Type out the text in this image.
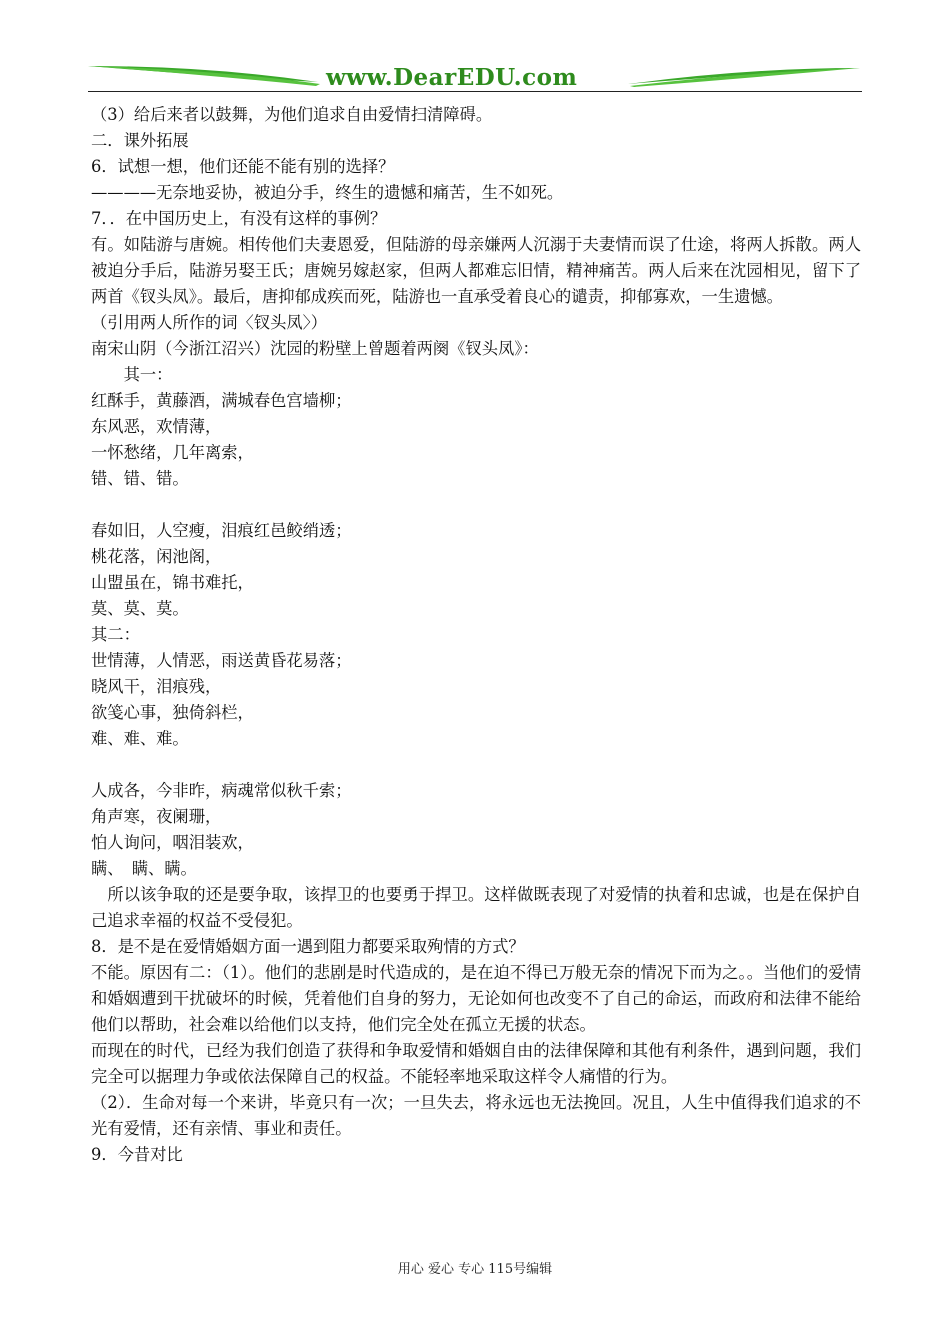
www.DearEDU.com
（3）给后来者以鼓舞，为他们追求自由爱情扫清障碍。
二．课外拓展
6．试想一想，他们还能不能有别的选择？
————无奈地妥协，被迫分手，终生的遗憾和痛苦，生不如死。
7．．在中国历史上，有没有这样的事例？
有。如陆游与唐婉。相传他们夫妻恩爱，但陆游的母亲嫌两人沉溺于夫妻情而误了仕途，将两人拆散。两人被迫分手后，陆游另娶王氏；唐婉另嫁赵家，但两人都难忘旧情，精神痛苦。两人后来在沈园相见，留下了两首《钗头凤》。最后，唐抑郁成疾而死，陆游也一直承受着良心的谴责，抑郁寡欢，一生遗憾。
（引用两人所作的词〈钗头凤〉）
南宋山阴（今浙江沼兴）沈园的粉壁上曾题着两阕《钗头凤》：
　　其一：
红酥手，黄藤酒，满城春色宫墙柳；
东风恶，欢情薄，
一怀愁绪，几年离索，
错、错、错。
春如旧，人空瘦，泪痕红邑鲛绡透；
桃花落，闲池阁，
山盟虽在，锦书难托，
莫、莫、莫。
其二：
世情薄，人情恶，雨送黄昏花易落；
晓风干，泪痕残，
欲笺心事，独倚斜栏，
难、难、难。
人成各，今非昨，病魂常似秋千索；
角声寒，夜阑珊，
怕人询问，咽泪装欢，
瞒、　瞒、瞒。
　所以该争取的还是要争取，该捍卫的也要勇于捍卫。这样做既表现了对爱情的执着和忠诚，也是在保护自己追求幸福的权益不受侵犯。
8．是不是在爱情婚姻方面一遇到阻力都要采取殉情的方式？
不能。原因有二：（1）。他们的悲剧是时代造成的，是在迫不得已万般无奈的情况下而为之。。当他们的爱情和婚姻遭到干扰破坏的时候，凭着他们自身的努力，无论如何也改变不了自己的命运，而政府和法律不能给他们以帮助，社会难以给他们以支持，他们完全处在孤立无援的状态。
而现在的时代，已经为我们创造了获得和争取爱情和婚姻自由的法律保障和其他有利条件，遇到问题，我们完全可以据理力争或依法保障自己的权益。不能轻率地采取这样令人痛惜的行为。
（2）．生命对每一个来讲，毕竟只有一次；一旦失去，将永远也无法挽回。况且，人生中值得我们追求的不光有爱情，还有亲情、事业和责任。
9．今昔对比
用心 爱心 专心 115号编辑
